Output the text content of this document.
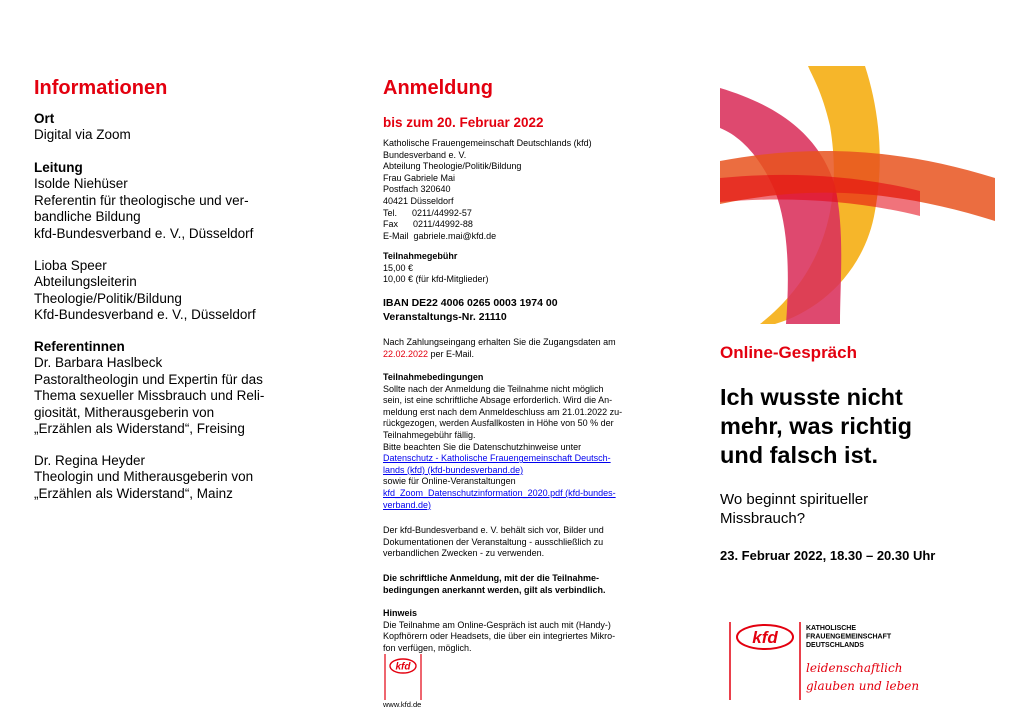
Informationen
Ort
Digital via Zoom
Leitung
Isolde Niehüser
Referentin für theologische und ver-
bandliche Bildung
kfd-Bundesverband e. V., Düsseldorf
Lioba Speer
Abteilungsleiterin
Theologie/Politik/Bildung
Kfd-Bundesverband e. V., Düsseldorf
Referentinnen
Dr. Barbara Haslbeck
Pastoraltheologin und Expertin für das
Thema sexueller Missbrauch und Reli-
giosität, Mitherausgeberin von
„Erzählen als Widerstand“, Freising
Dr. Regina Heyder
Theologin und Mitherausgeberin von
„Erzählen als Widerstand“, Mainz
Anmeldung
bis zum 20. Februar 2022
Katholische Frauengemeinschaft Deutschlands (kfd)
Bundesverband e. V.
Abteilung Theologie/Politik/Bildung
Frau Gabriele Mai
Postfach 320640
40421 Düsseldorf
Tel.      0211/44992-57
Fax      0211/44992-88
E-Mail  gabriele.mai@kfd.de
Teilnahmegebühr
15,00 €
10,00 € (für kfd-Mitglieder)
IBAN DE22 4006 0265 0003 1974 00
Veranstaltungs-Nr. 21110
Nach Zahlungseingang erhalten Sie die Zugangsdaten am
22.02.2022 per E-Mail.
Teilnahmebedingungen
Sollte nach der Anmeldung die Teilnahme nicht möglich
sein, ist eine schriftliche Absage erforderlich. Wird die An-
meldung erst nach dem Anmeldeschluss am 21.01.2022 zu-
rückgezogen, werden Ausfallkosten in Höhe von 50 % der
Teilnahmegebühr fällig.
Bitte beachten Sie die Datenschutzhinweise unter
Datenschutz - Katholische Frauengemeinschaft Deutsch-
lands (kfd) (kfd-bundesverband.de)
sowie für Online-Veranstaltungen
kfd_Zoom_Datenschutzinformation_2020.pdf (kfd-bundes-
verband.de)
Der kfd-Bundesverband e. V. behält sich vor, Bilder und
Dokumentationen der Veranstaltung - ausschließlich zu
verbandlichen Zwecken - zu verwenden.
Die schriftliche Anmeldung, mit der die Teilnahme-
bedingungen anerkannt werden, gilt als verbindlich.
Hinweis
Die Teilnahme am Online-Gespräch ist auch mit (Handy-)
Kopfhörern oder Headsets, die über ein integriertes Mikro-
fon verfügen, möglich.
kfd
www.kfd.de
Online-Gespräch
Ich wusste nicht
mehr, was richtig
und falsch ist.
Wo beginnt spiritueller
Missbrauch?
23. Februar 2022, 18.30 – 20.30 Uhr
kfd	KATHOLISCHE
FRAUENGEMEINSCHAFT
DEUTSCHLANDS
leidenschaftlich
glauben und leben
